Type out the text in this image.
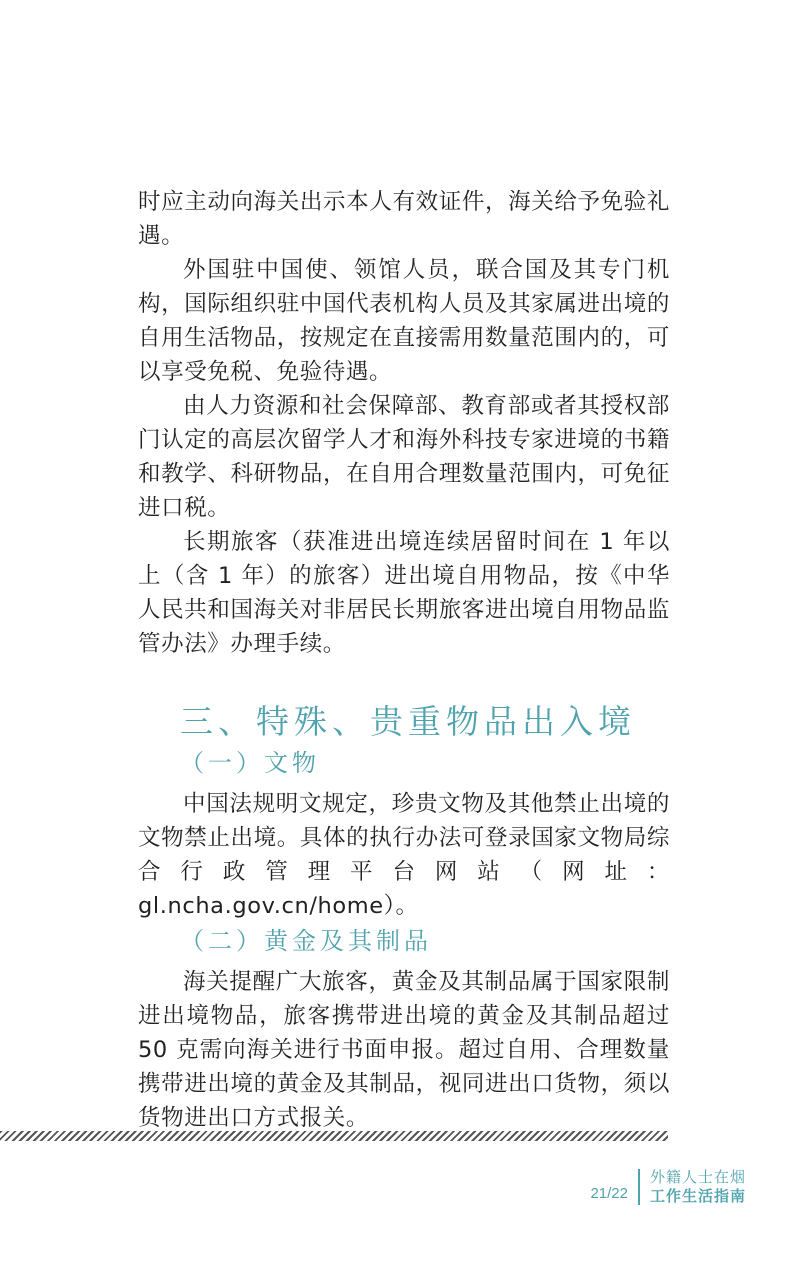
时应主动向海关出示本人有效证件，海关给予免验礼遇。

外国驻中国使、领馆人员，联合国及其专门机构，国际组织驻中国代表机构人员及其家属进出境的自用生活物品，按规定在直接需用数量范围内的，可以享受免税、免验待遇。

由人力资源和社会保障部、教育部或者其授权部门认定的高层次留学人才和海外科技专家进境的书籍和教学、科研物品，在自用合理数量范围内，可免征进口税。

长期旅客（获准进出境连续居留时间在 1 年以上（含 1 年）的旅客）进出境自用物品，按《中华人民共和国海关对非居民长期旅客进出境自用物品监管办法》办理手续。

三、特殊、贵重物品出入境
（一）文物

中国法规明文规定，珍贵文物及其他禁止出境的文物禁止出境。具体的执行办法可登录国家文物局综合行政管理平台网站（网址：gl.ncha.gov.cn/home）。

（二）黄金及其制品

海关提醒广大旅客，黄金及其制品属于国家限制进出境物品，旅客携带进出境的黄金及其制品超过 50 克需向海关进行书面申报。超过自用、合理数量携带进出境的黄金及其制品，视同进出口货物，须以货物进出口方式报关。

21/22
外籍人士在烟
工作生活指南
